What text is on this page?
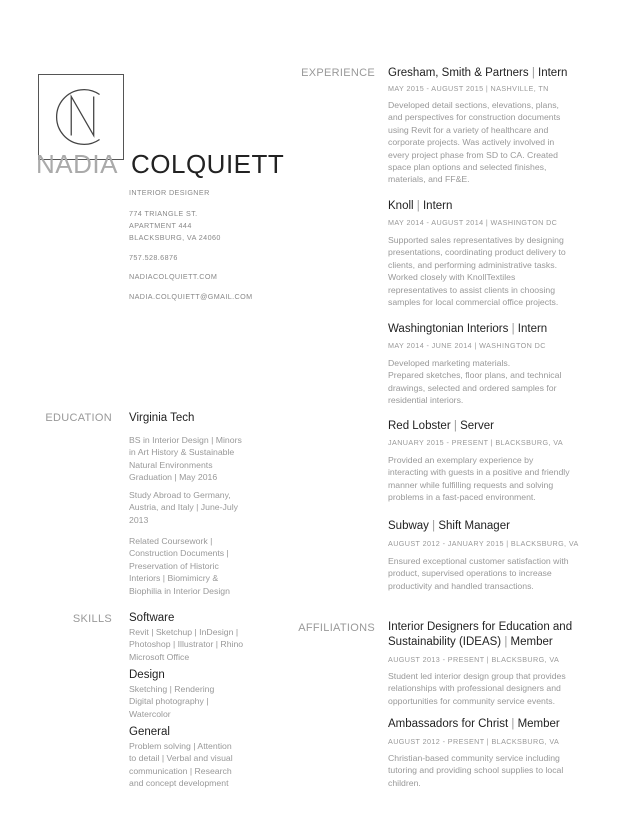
NADIA COLQUIETT
INTERIOR DESIGNER
774 TRIANGLE ST.
APARTMENT 444
BLACKSBURG, VA 24060
757.528.6876
NADIACOLQUIETT.COM
NADIA.COLQUIETT@GMAIL.COM
EDUCATION Virginia Tech
BS in Interior Design | Minors
in Art History & Sustainable
Natural Environments
Graduation | May 2016
Study Abroad to Germany,
Austria, and Italy | June-July
2013
Related Coursework |
Construction Documents |
Preservation of Historic
Interiors | Biomimicry &
Biophilia in Interior Design
SKILLS Software
Revit | Sketchup | InDesign |
Photoshop | Illustrator | Rhino
Microsoft Office
Design
Sketching | Rendering
Digital photography |
Watercolor
General
Problem solving | Attention
to detail | Verbal and visual
communication | Research
and concept development
EXPERIENCE Gresham, Smith & Partners | Intern
MAY 2015 - AUGUST 2015 | NASHVILLE, TN
Developed detail sections, elevations, plans,
and perspectives for construction documents
using Revit for a variety of healthcare and
corporate projects. Was actively involved in
every project phase from SD to CA. Created
space plan options and selected finishes,
materials, and FF&E.
Knoll | Intern
MAY 2014 - AUGUST 2014 | WASHINGTON DC
Supported sales representatives by designing
presentations, coordinating product delivery to
clients, and performing administrative tasks.
Worked closely with KnollTextiles
representatives to assist clients in choosing
samples for local commercial office projects.
Washingtonian Interiors | Intern
MAY 2014 - JUNE 2014 | WASHINGTON DC
Developed marketing materials.
Prepared sketches, floor plans, and technical
drawings, selected and ordered samples for
residential interiors.
Red Lobster | Server
JANUARY 2015 - PRESENT | BLACKSBURG, VA
Provided an exemplary experience by
interacting with guests in a positive and friendly
manner while fulfilling requests and solving
problems in a fast-paced environment.
Subway | Shift Manager
AUGUST 2012 - JANUARY 2015 | BLACKSBURG, VA
Ensured exceptional customer satisfaction with
product, supervised operations to increase
productivity and handled transactions.
AFFILIATIONS Interior Designers for Education and
Sustainability (IDEAS) | Member
AUGUST 2013 - PRESENT | BLACKSBURG, VA
Student led interior design group that provides
relationships with professional designers and
opportunities for community service events.
Ambassadors for Christ | Member
AUGUST 2012 - PRESENT | BLACKSBURG, VA
Christian-based community service including
tutoring and providing school supplies to local
children.
